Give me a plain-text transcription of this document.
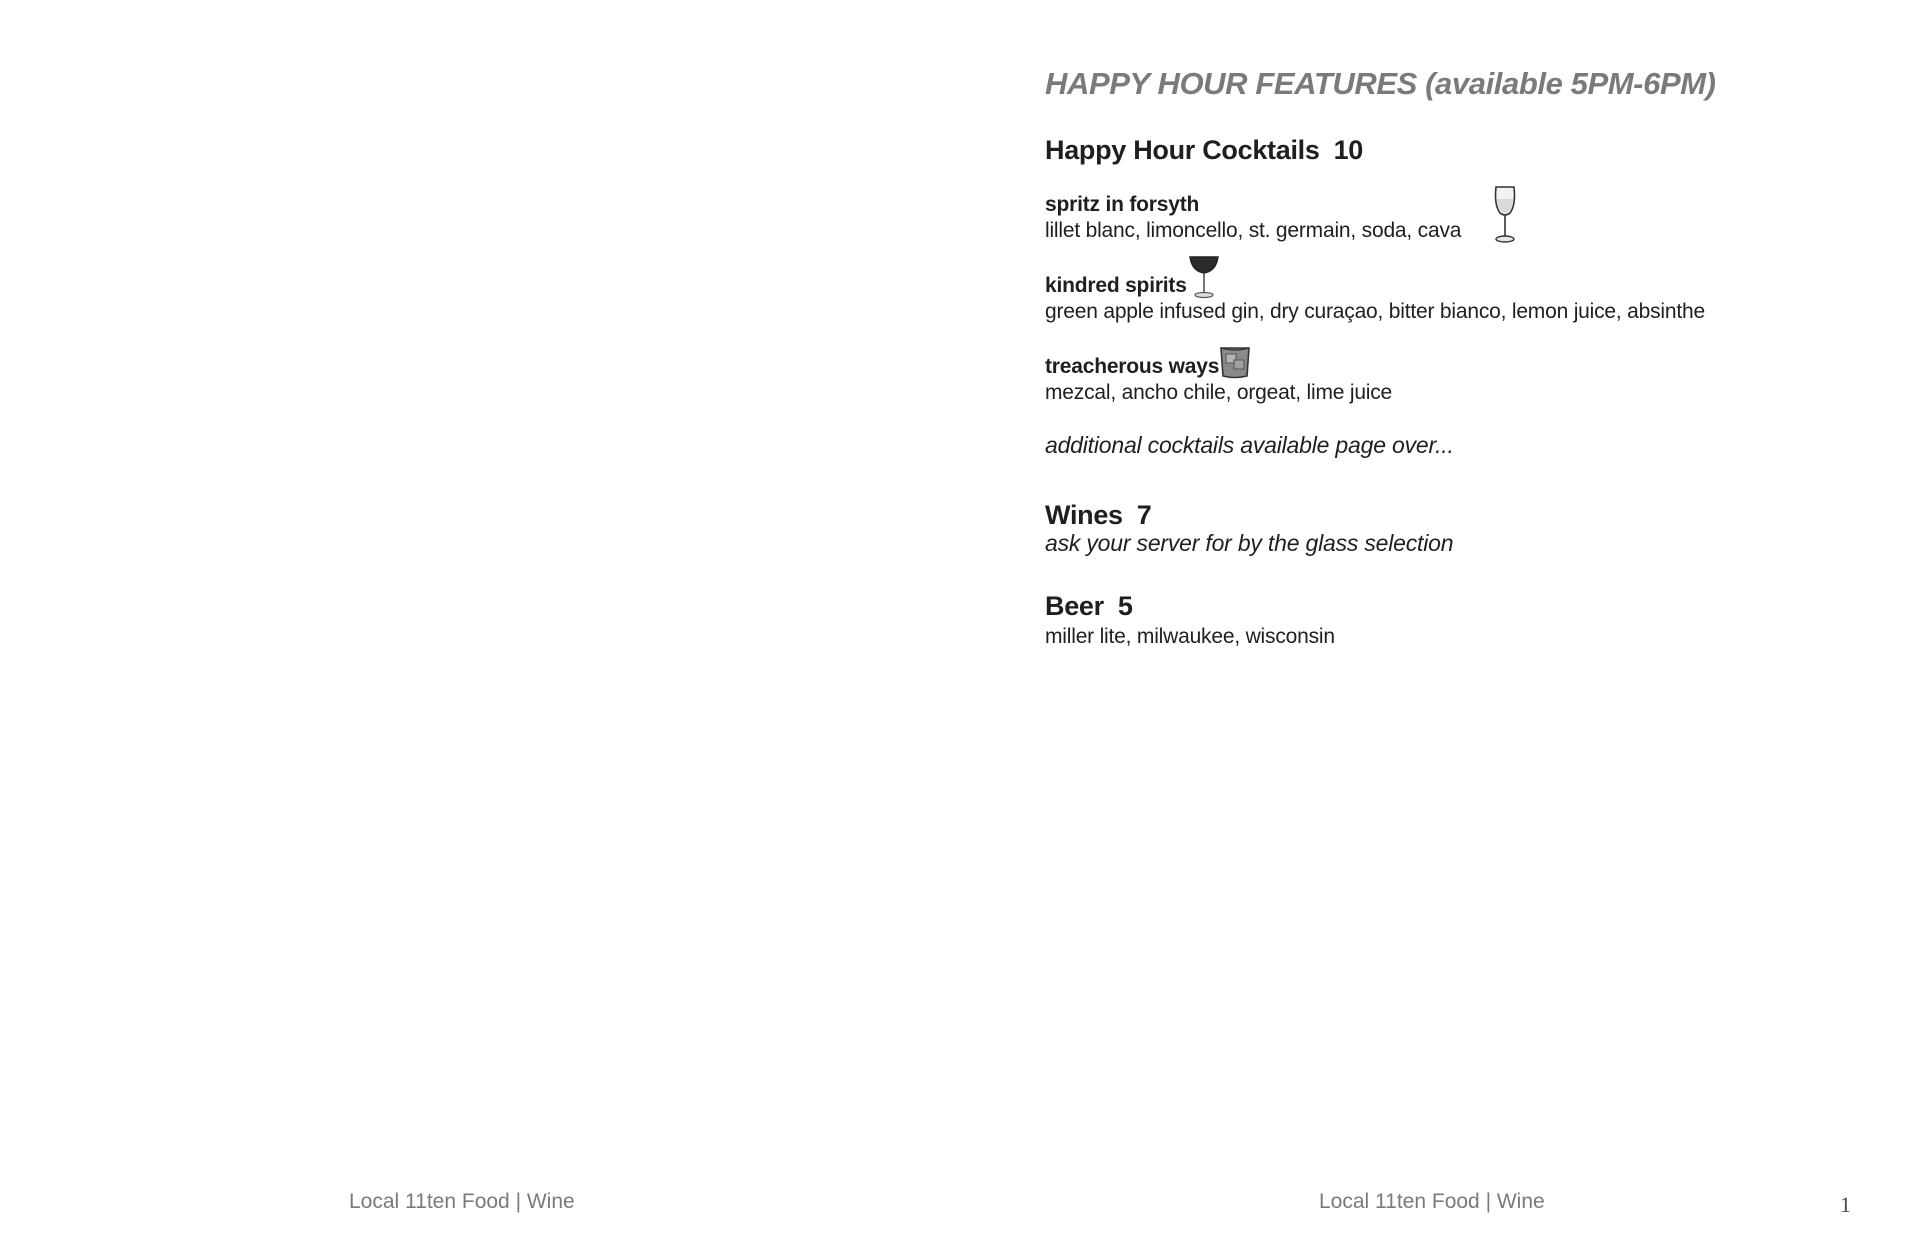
HAPPY HOUR FEATURES (available 5PM-6PM)
Happy Hour Cocktails 10
spritz in forsyth
lillet blanc, limoncello, st. germain, soda, cava
kindred spirits
green apple infused gin, dry curaçao, bitter bianco, lemon juice, absinthe
treacherous ways
mezcal, ancho chile, orgeat, lime juice
additional cocktails available page over...
Wines 7
ask your server for by the glass selection
Beer 5
miller lite, milwaukee, wisconsin
Local 11ten Food | Wine	Local 11ten Food | Wine	1
